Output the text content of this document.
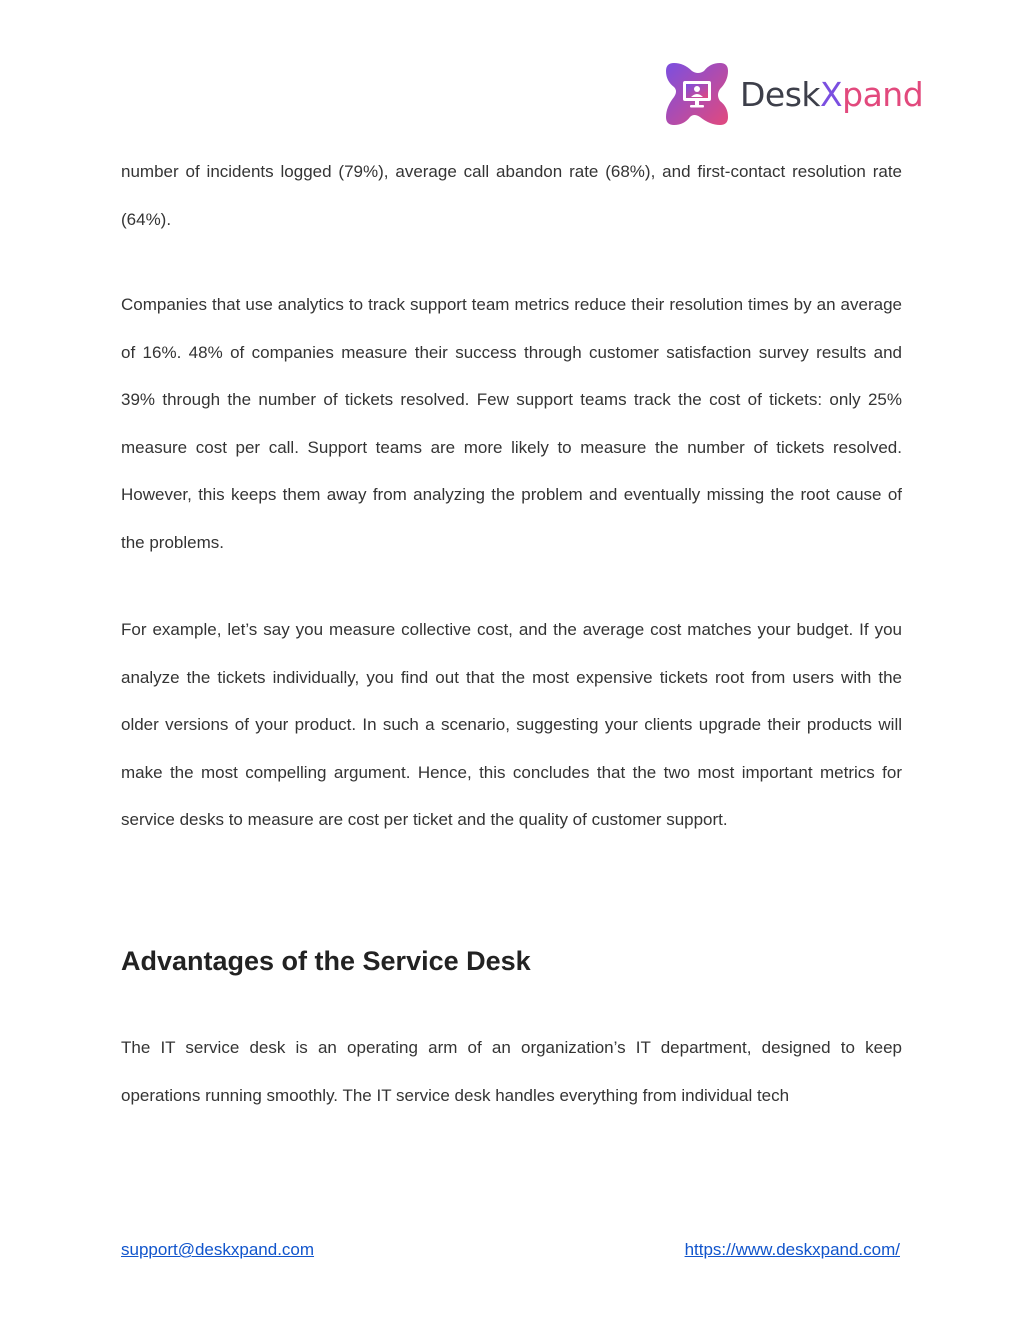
DeskXpand

number of incidents logged (79%), average call abandon rate (68%), and first-contact resolution rate (64%).

Companies that use analytics to track support team metrics reduce their resolution times by an average of 16%. 48% of companies measure their success through customer satisfaction survey results and 39% through the number of tickets resolved. Few support teams track the cost of tickets: only 25% measure cost per call. Support teams are more likely to measure the number of tickets resolved. However, this keeps them away from analyzing the problem and eventually missing the root cause of the problems.

For example, let’s say you measure collective cost, and the average cost matches your budget. If you analyze the tickets individually, you find out that the most expensive tickets root from users with the older versions of your product. In such a scenario, suggesting your clients upgrade their products will make the most compelling argument. Hence, this concludes that the two most important metrics for service desks to measure are cost per ticket and the quality of customer support.

Advantages of the Service Desk

The IT service desk is an operating arm of an organization’s IT department, designed to keep operations running smoothly. The IT service desk handles everything from individual tech

support@deskxpand.com	https://www.deskxpand.com/
